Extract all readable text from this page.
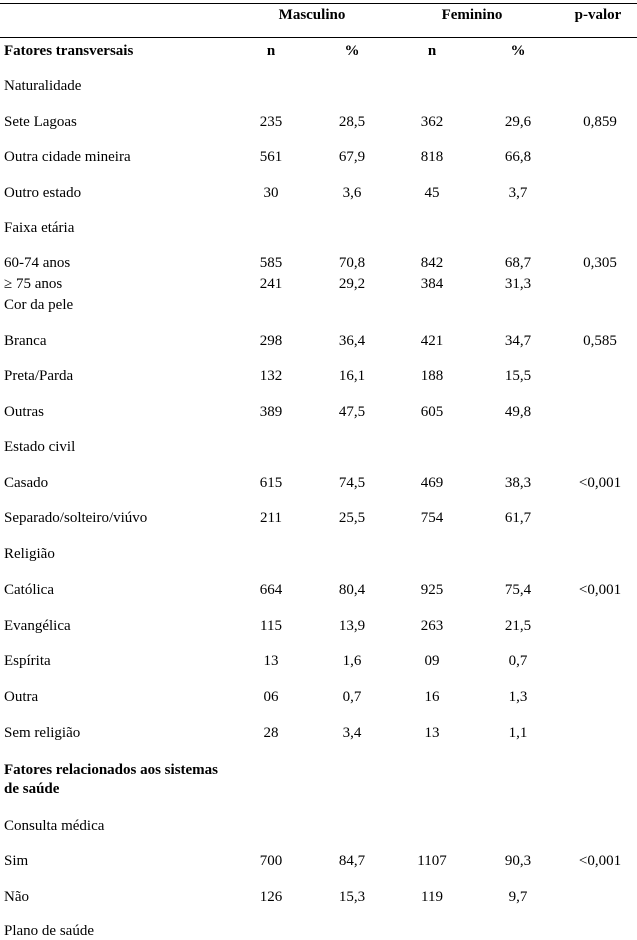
Masculino	Feminino	p-valor
Fatores transversais	n	%	n	%
Naturalidade
Sete Lagoas	235	28,5	362	29,6	0,859
Outra cidade mineira	561	67,9	818	66,8
Outro estado	30	3,6	45	3,7
Faixa etária
60-74 anos	585	70,8	842	68,7	0,305
≥ 75 anos	241	29,2	384	31,3
Cor da pele
Branca	298	36,4	421	34,7	0,585
Preta/Parda	132	16,1	188	15,5
Outras	389	47,5	605	49,8
Estado civil
Casado	615	74,5	469	38,3	<0,001
Separado/solteiro/viúvo	211	25,5	754	61,7
Religião
Católica	664	80,4	925	75,4	<0,001
Evangélica	115	13,9	263	21,5
Espírita	13	1,6	09	0,7
Outra	06	0,7	16	1,3
Sem religião	28	3,4	13	1,1
Fatores relacionados aos sistemas de saúde
Consulta médica
Sim	700	84,7	1107	90,3	<0,001
Não	126	15,3	119	9,7
Plano de saúde
